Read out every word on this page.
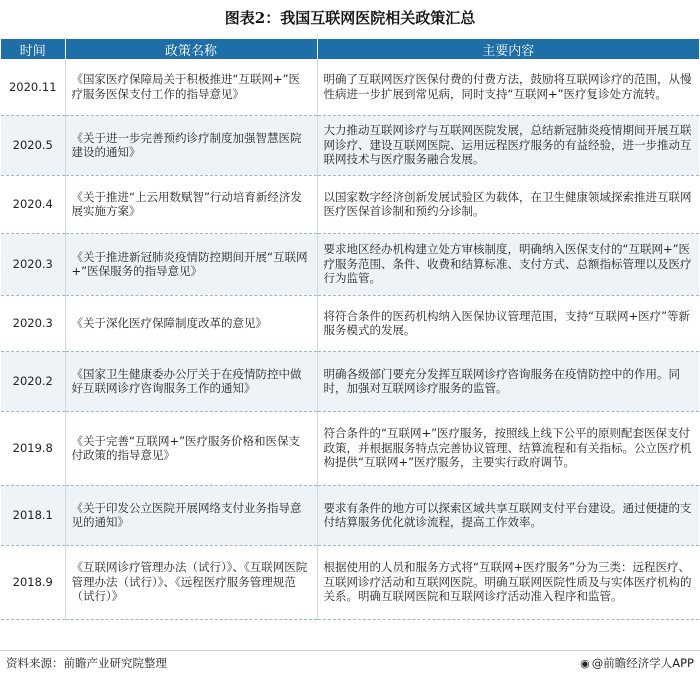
图表2：我国互联网医院相关政策汇总
时间	政策名称	主要内容
2020.11	《国家医疗保障局关于积极推进“互联网+”医疗服务医保支付工作的指导意见》	明确了互联网医疗医保付费的付费方法，鼓励将互联网诊疗的范围，从慢性病进一步扩展到常见病，同时支持“互联网+”医疗复诊处方流转。
2020.5	《关于进一步完善预约诊疗制度加强智慧医院建设的通知》	大力推动互联网诊疗与互联网医院发展，总结新冠肺炎疫情期间开展互联网诊疗、建设互联网医院、运用远程医疗服务的有益经验，进一步推动互联网技术与医疗服务融合发展。
2020.4	《关于推进“上云用数赋智”行动培育新经济发展实施方案》	以国家数字经济创新发展试验区为载体，在卫生健康领域探索推进互联网医疗医保首诊制和预约分诊制。
2020.3	《关于推进新冠肺炎疫情防控期间开展“互联网+”医保服务的指导意见》	要求地区经办机构建立处方审核制度，明确纳入医保支付的“互联网+”医疗服务范围、条件、收费和结算标准、支付方式、总额指标管理以及医疗行为监管。
2020.3	《关于深化医疗保障制度改革的意见》	将符合条件的医药机构纳入医保协议管理范围，支持“互联网+医疗”等新服务模式的发展。
2020.2	《国家卫生健康委办公厅关于在疫情防控中做好互联网诊疗咨询服务工作的通知》	明确各级部门要充分发挥互联网诊疗咨询服务在疫情防控中的作用。同时，加强对互联网诊疗服务的监管。
2019.8	《关于完善“互联网+”医疗服务价格和医保支付政策的指导意见》	符合条件的“互联网+”医疗服务，按照线上线下公平的原则配套医保支付政策，并根据服务特点完善协议管理、结算流程和有关指标。公立医疗机构提供“互联网+”医疗服务，主要实行政府调节。
2018.1	《关于印发公立医院开展网络支付业务指导意见的通知》	要求有条件的地方可以探索区域共享互联网支付平台建设。通过便捷的支付结算服务优化就诊流程，提高工作效率。
2018.9	《互联网诊疗管理办法（试行）》、《互联网医院管理办法（试行）》、《远程医疗服务管理规范（试行）》	根据使用的人员和服务方式将“互联网+医疗服务”分为三类：远程医疗、互联网诊疗活动和互联网医院。明确互联网医院性质及与实体医疗机构的关系。明确互联网医院和互联网诊疗活动准入程序和监管。
资料来源：前瞻产业研究院整理	◉ @前瞻经济学人APP
